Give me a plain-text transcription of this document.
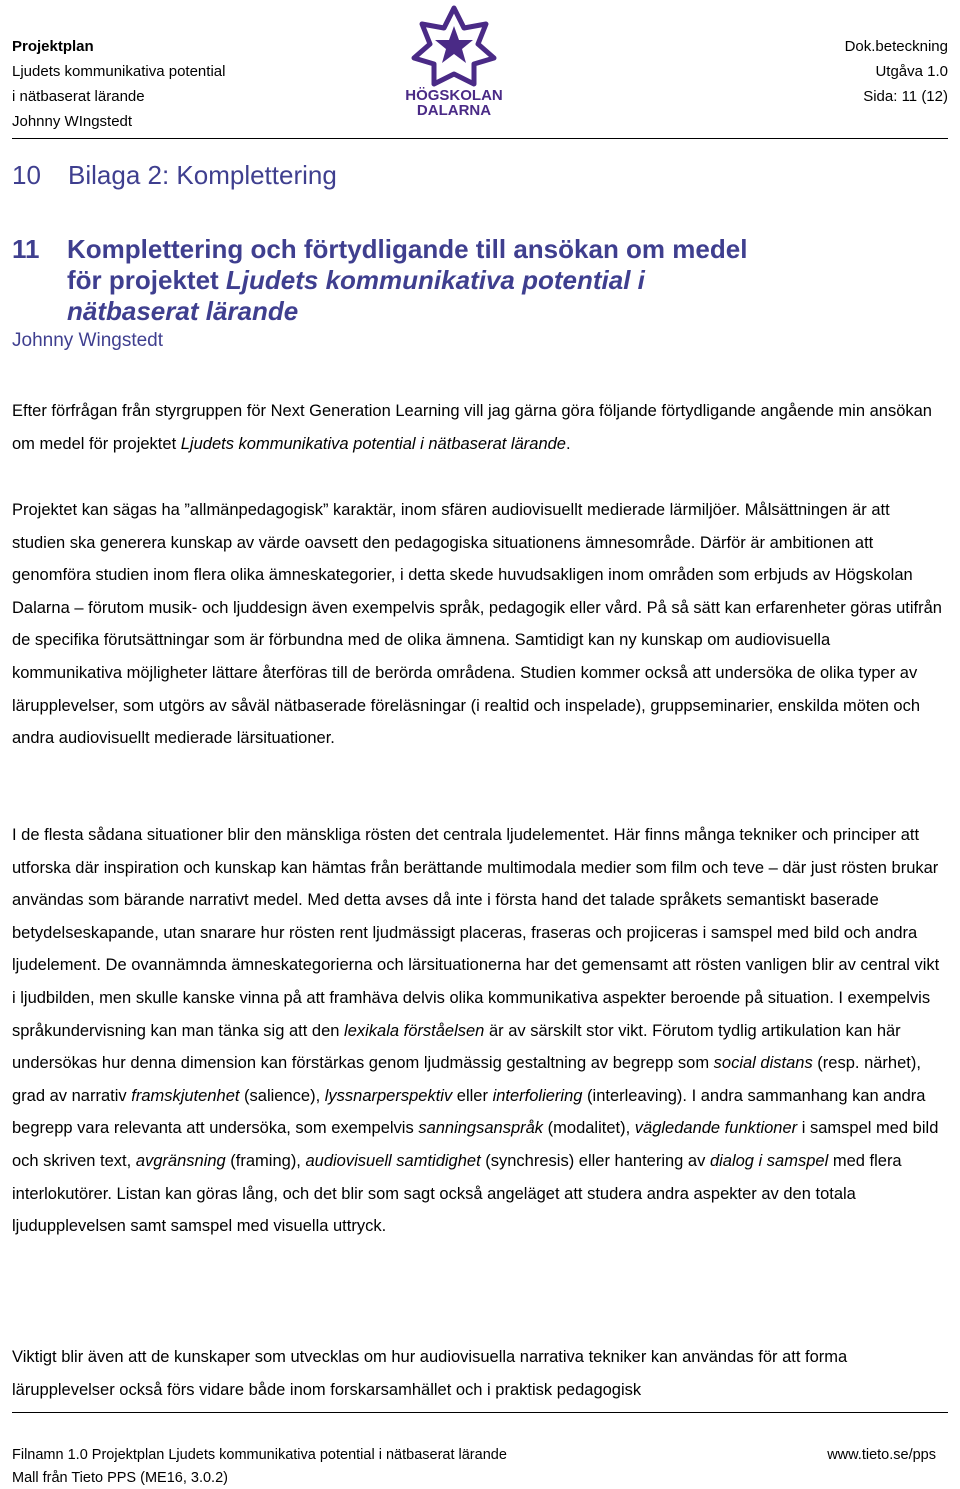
Projektplan
Ljudets kommunikativa potential
i nätbaserat lärande
Johnny WIngstedt
HÖGSKOLAN
DALARNA
Dok.beteckning
Utgåva 1.0
Sida: 11 (12)
10 Bilaga 2: Komplettering
11 Komplettering och förtydligande till ansökan om medel
för projektet Ljudets kommunikativa potential i
nätbaserat lärande
Johnny Wingstedt
Efter förfrågan från styrgruppen för Next Generation Learning vill jag gärna göra följande förtydligande angående min ansökan om medel för projektet Ljudets kommunikativa potential i nätbaserat lärande.
Projektet kan sägas ha ”allmänpedagogisk” karaktär, inom sfären audiovisuellt medierade lärmiljöer. Målsättningen är att studien ska generera kunskap av värde oavsett den pedagogiska situationens ämnesområde. Därför är ambitionen att genomföra studien inom flera olika ämneskategorier, i detta skede huvudsakligen inom områden som erbjuds av Högskolan Dalarna – förutom musik- och ljuddesign även exempelvis språk, pedagogik eller vård. På så sätt kan erfarenheter göras utifrån de specifika förutsättningar som är förbundna med de olika ämnena. Samtidigt kan ny kunskap om audiovisuella kommunikativa möjligheter lättare återföras till de berörda områdena. Studien kommer också att undersöka de olika typer av lärupplevelser, som utgörs av såväl nätbaserade föreläsningar (i realtid och inspelade), gruppseminarier, enskilda möten och andra audiovisuellt medierade lärsituationer.
I de flesta sådana situationer blir den mänskliga rösten det centrala ljudelementet. Här finns många tekniker och principer att utforska där inspiration och kunskap kan hämtas från berättande multimodala medier som film och teve – där just rösten brukar användas som bärande narrativt medel. Med detta avses då inte i första hand det talade språkets semantiskt baserade betydelseskapande, utan snarare hur rösten rent ljudmässigt placeras, fraseras och projiceras i samspel med bild och andra ljudelement. De ovannämnda ämneskategorierna och lärsituationerna har det gemensamt att rösten vanligen blir av central vikt i ljudbilden, men skulle kanske vinna på att framhäva delvis olika kommunikativa aspekter beroende på situation. I exempelvis språkundervisning kan man tänka sig att den lexikala förståelsen är av särskilt stor vikt. Förutom tydlig artikulation kan här undersökas hur denna dimension kan förstärkas genom ljudmässig gestaltning av begrepp som social distans (resp. närhet), grad av narrativ framskjutenhet (salience), lyssnarperspektiv eller interfoliering (interleaving). I andra sammanhang kan andra begrepp vara relevanta att undersöka, som exempelvis sanningsanspråk (modalitet), vägledande funktioner i samspel med bild och skriven text, avgränsning (framing), audiovisuell samtidighet (synchresis) eller hantering av dialog i samspel med flera interlokutörer. Listan kan göras lång, och det blir som sagt också angeläget att studera andra aspekter av den totala ljudupplevelsen samt samspel med visuella uttryck.
Viktigt blir även att de kunskaper som utvecklas om hur audiovisuella narrativa tekniker kan användas för att forma lärupplevelser också förs vidare både inom forskarsamhället och i praktisk pedagogisk
Filnamn 1.0 Projektplan Ljudets kommunikativa potential i nätbaserat lärande	www.tieto.se/pps
Mall från Tieto PPS (ME16, 3.0.2)
